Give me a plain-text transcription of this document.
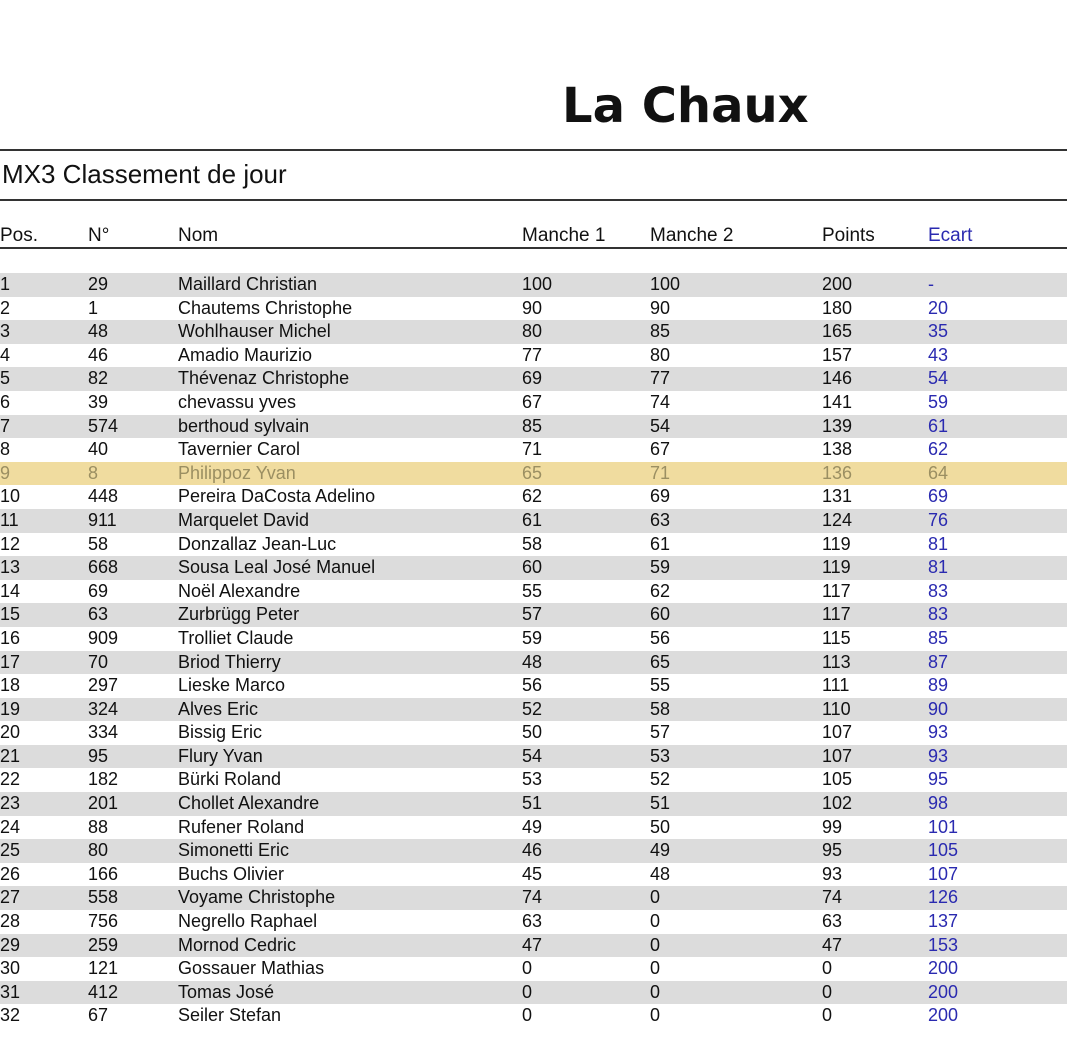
La Chaux
MX3 Classement de jour
Pos.	N°	Nom	Manche 1 Manche 2	Points	Ecart
1	29	Maillard Christian	100	100	200	-
2	1	Chautems Christophe	90	90	180	20
3	48	Wohlhauser Michel	80	85	165	35
4	46	Amadio Maurizio	77	80	157	43
5	82	Thévenaz Christophe	69	77	146	54
6	39	chevassu yves	67	74	141	59
7	574	berthoud sylvain	85	54	139	61
8	40	Tavernier Carol	71	67	138	62
9	8	Philippoz Yvan	65	71	136	64
10	448	Pereira DaCosta Adelino	62	69	131	69
11	911	Marquelet David	61	63	124	76
12	58	Donzallaz Jean-Luc	58	61	119	81
13	668	Sousa Leal José Manuel	60	59	119	81
14	69	Noël Alexandre	55	62	117	83
15	63	Zurbrügg Peter	57	60	117	83
16	909	Trolliet Claude	59	56	115	85
17	70	Briod Thierry	48	65	113	87
18	297	Lieske Marco	56	55	111	89
19	324	Alves Eric	52	58	110	90
20	334	Bissig Eric	50	57	107	93
21	95	Flury Yvan	54	53	107	93
22	182	Bürki Roland	53	52	105	95
23	201	Chollet Alexandre	51	51	102	98
24	88	Rufener Roland	49	50	99	101
25	80	Simonetti Eric	46	49	95	105
26	166	Buchs Olivier	45	48	93	107
27	558	Voyame Christophe	74	0	74	126
28	756	Negrello Raphael	63	0	63	137
29	259	Mornod Cedric	47	0	47	153
30	121	Gossauer Mathias	0	0	0	200
31	412	Tomas José	0	0	0	200
32	67	Seiler Stefan	0	0	0	200
